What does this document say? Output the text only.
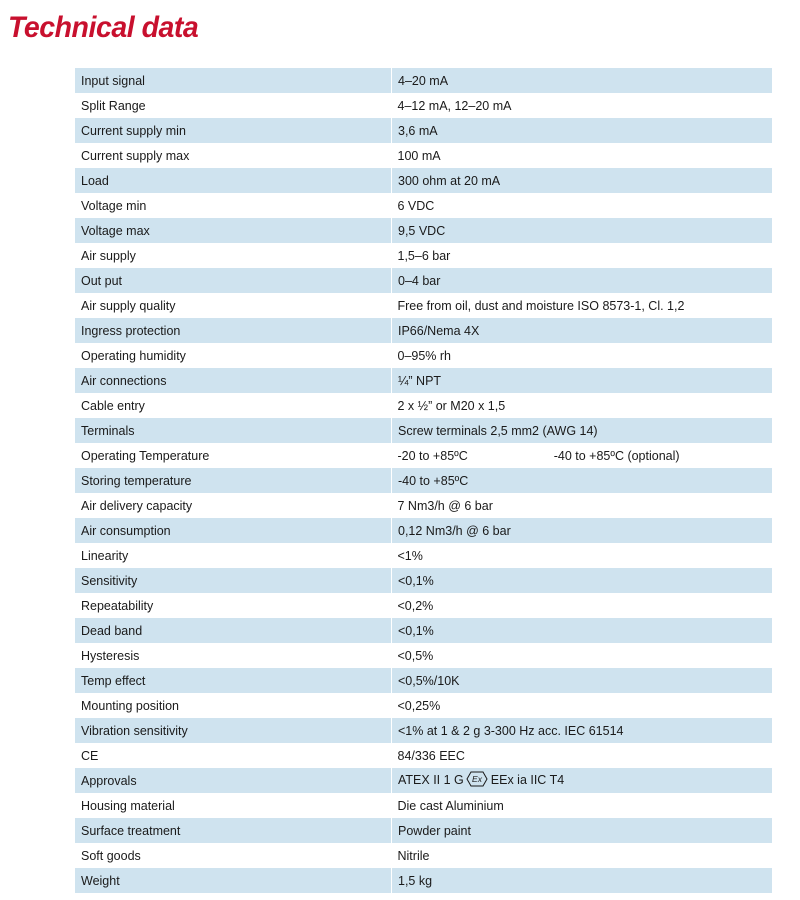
Technical data
Input signal	4–20 mA
Split Range	4–12 mA, 12–20 mA
Current supply min	3,6 mA
Current supply max	100 mA
Load	300 ohm at 20 mA
Voltage min	6 VDC
Voltage max	9,5 VDC
Air supply	1,5–6 bar
Out put	0–4 bar
Air supply quality	Free from oil, dust and moisture ISO 8573-1, Cl. 1,2
Ingress protection	IP66/Nema 4X
Operating humidity	0–95% rh
Air connections	¼” NPT
Cable entry	2 x ½” or M20 x 1,5
Terminals	Screw terminals 2,5 mm2 (AWG 14)
Operating Temperature	-20 to +85ºC -40 to +85ºC (optional)
Storing temperature	-40 to +85ºC
Air delivery capacity	7 Nm3/h @ 6 bar
Air consumption	0,12 Nm3/h @ 6 bar
Linearity	<1%
Sensitivity	<0,1%
Repeatability	<0,2%
Dead band	<0,1%
Hysteresis	<0,5%
Temp effect	<0,5%/10K
Mounting position	<0,25%
Vibration sensitivity	<1% at 1 & 2 g 3-300 Hz acc. IEC 61514
CE	84/336 EEC
Approvals	ATEX II 1 G Ex EEx ia IIC T4
Housing material	Die cast Aluminium
Surface treatment	Powder paint
Soft goods	Nitrile
Weight	1,5 kg
